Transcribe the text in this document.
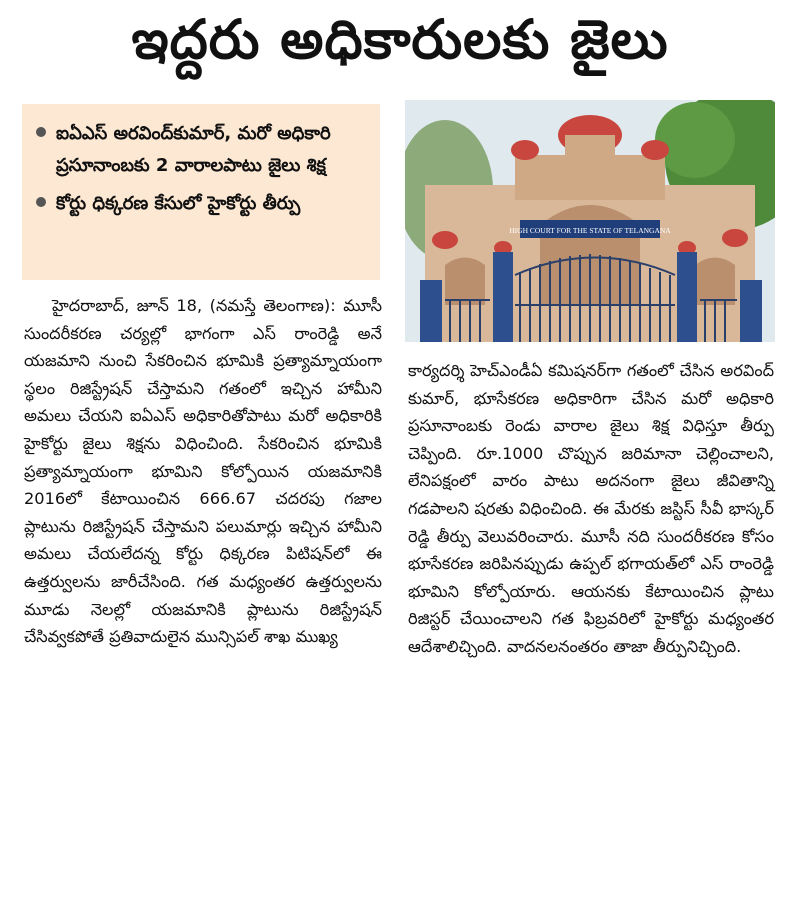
ఇద్దరు అధికారులకు జైలు
ఐఏఎస్ అరవింద్‌కుమార్, మరో అధికారి ప్రసూనాంబకు 2 వారాలపాటు జైలు శిక్ష
కోర్టు ధిక్కరణ కేసులో హైకోర్టు తీర్పు
HIGH COURT FOR THE STATE OF TELANGANA

హైదరాబాద్, జూన్ 18, (నమస్తే తెలంగాణ): మూసీ సుందరీకరణ చర్యల్లో భాగంగా ఎస్ రాంరెడ్డి అనే యజమాని నుంచి సేకరించిన భూమికి ప్రత్యామ్నాయంగా స్థలం రిజిస్ట్రేషన్ చేస్తామని గతంలో ఇచ్చిన హామీని అమలు చేయని ఐఏఎస్ అధికారితోపాటు మరో అధికారికి హైకోర్టు జైలు శిక్షను విధించింది. సేకరించిన భూమికి ప్రత్యామ్నాయంగా భూమిని కోల్పోయిన యజమానికి 2016లో కేటాయించిన 666.67 చదరపు గజాల ప్లాటును రిజిస్ట్రేషన్ చేస్తామని పలుమార్లు ఇచ్చిన హామీని అమలు చేయలేదన్న కోర్టు ధిక్కరణ పిటిషన్‌లో ఈ ఉత్తర్వులను జారీచేసింది. గత మధ్యంతర ఉత్తర్వులను మూడు నెలల్లో యజమానికి ప్లాటును రిజిస్ట్రేషన్ చేసివ్వకపోతే ప్రతివాదులైన మున్సిపల్ శాఖ ముఖ్య

కార్యదర్శి హెచ్‌ఎండీఏ కమిషనర్‌గా గతంలో చేసిన అరవింద్ కుమార్, భూసేకరణ అధికారిగా చేసిన మరో అధికారి ప్రసూనాంబకు రెండు వారాల జైలు శిక్ష విధిస్తూ తీర్పు చెప్పింది. రూ.1000 చొప్పున జరిమానా చెల్లించాలని, లేనిపక్షంలో వారం పాటు అదనంగా జైలు జీవితాన్ని గడపాలని షరతు విధించింది. ఈ మేరకు జస్టిస్ సీవీ భాస్కర్ రెడ్డి తీర్పు వెలువరించారు. మూసీ నది సుందరీకరణ కోసం భూసేకరణ జరిపినప్పుడు ఉప్పల్ భగాయత్‌లో ఎస్ రాంరెడ్డి భూమిని కోల్పోయారు. ఆయనకు కేటాయించిన ప్లాటు రిజిస్టర్ చేయించాలని గత ఫిబ్రవరిలో హైకోర్టు మధ్యంతర ఆదేశాలిచ్చింది. వాదనలనంతరం తాజా తీర్పునిచ్చింది.
